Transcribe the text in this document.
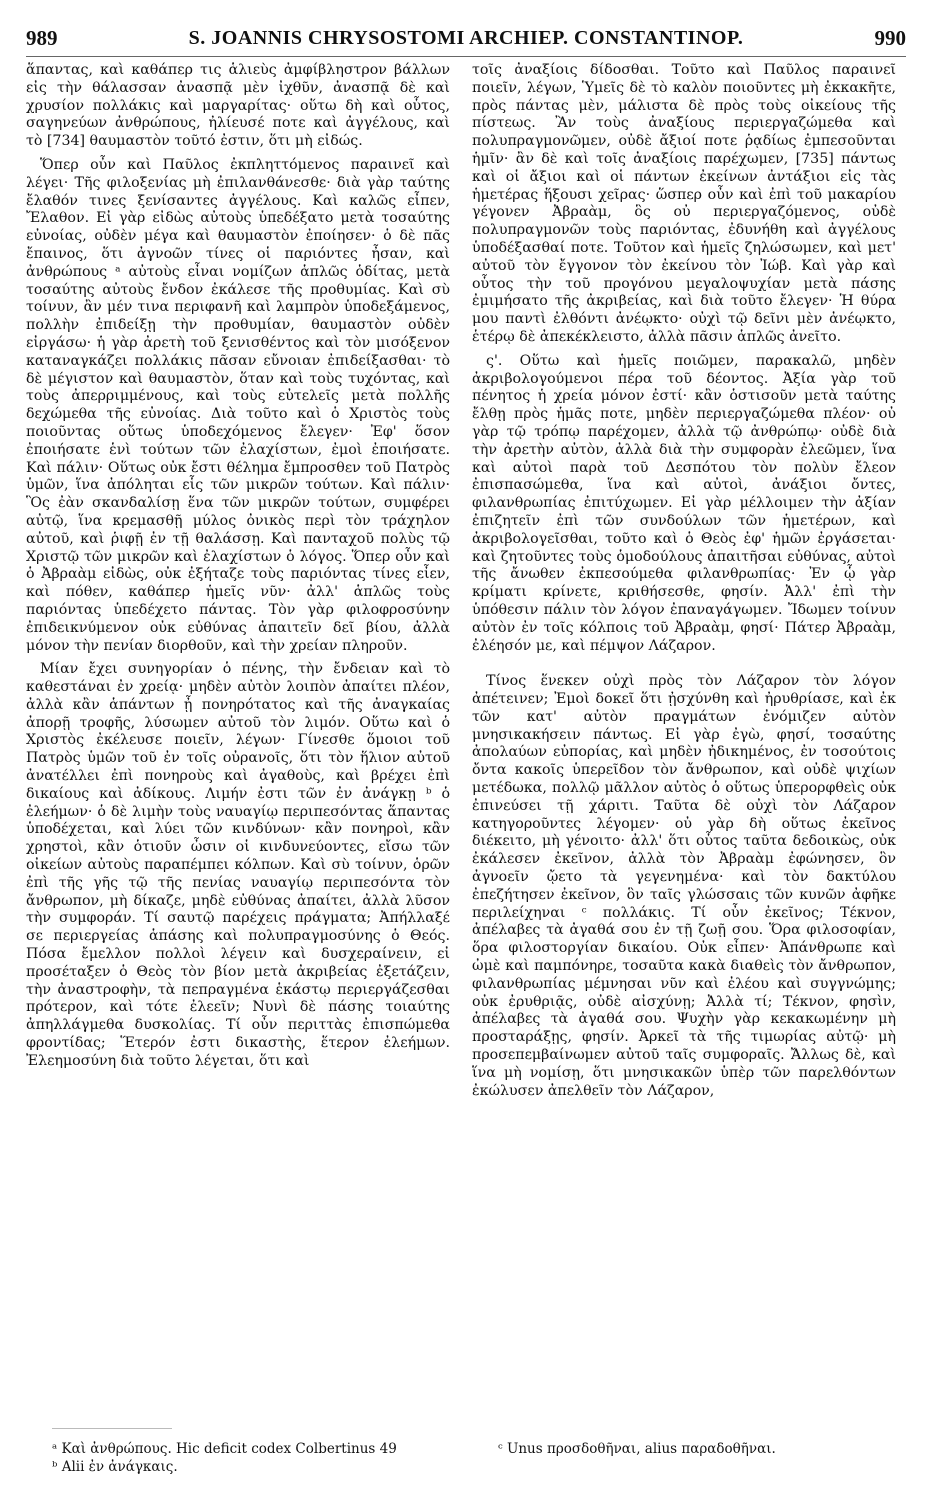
989	S. JOANNIS CHRYSOSTOMI ARCHIEP. CONSTANTINOP.	990

ἅπαντας, καὶ καθάπερ τις ἁλιεὺς ἀμφίβληστρον βάλλων εἰς τὴν θάλασσαν ἀνασπᾷ μὲν ἰχθῦν, ἀνασπᾷ δὲ καὶ χρυσίον πολλάκις καὶ μαργαρίτας· οὕτω δὴ καὶ οὗτος, σαγηνεύων ἀνθρώπους, ἠλίευσέ ποτε καὶ ἀγγέλους, καὶ τὸ [734] θαυμαστὸν τοῦτό ἐστιν, ὅτι μὴ εἰδώς.

Ὅπερ οὖν καὶ Παῦλος ἐκπληττόμενος παραινεῖ καὶ λέγει· Τῆς φιλοξενίας μὴ ἐπιλανθάνεσθε· διὰ γὰρ ταύτης ἔλαθόν τινες ξενίσαντες ἀγγέλους. Καὶ καλῶς εἶπεν, Ἔλαθον. Εἰ γὰρ εἰδὼς αὐτοὺς ὑπεδέξατο μετὰ τοσαύτης εὐνοίας, οὐδὲν μέγα καὶ θαυμαστὸν ἐποίησεν· ὁ δὲ πᾶς ἔπαινος, ὅτι ἀγνοῶν τίνες οἱ παριόντες ἦσαν, καὶ ἀνθρώπους ᵃ αὐτοὺς εἶναι νομίζων ἁπλῶς ὁδίτας, μετὰ τοσαύτης αὐτοὺς ἔνδον ἐκάλεσε τῆς προθυμίας. Καὶ σὺ τοίνυν, ἂν μέν τινα περιφανῆ καὶ λαμπρὸν ὑποδεξάμενος, πολλὴν ἐπιδείξῃ τὴν προθυμίαν, θαυμαστὸν οὐδὲν εἰργάσω· ἡ γὰρ ἀρετὴ τοῦ ξενισθέντος καὶ τὸν μισόξενον καταναγκάζει πολλάκις πᾶσαν εὔνοιαν ἐπιδείξασθαι· τὸ δὲ μέγιστον καὶ θαυμαστὸν, ὅταν καὶ τοὺς τυχόντας, καὶ τοὺς ἀπερριμμένους, καὶ τοὺς εὐτελεῖς μετὰ πολλῆς δεχώμεθα τῆς εὐνοίας. Διὰ τοῦτο καὶ ὁ Χριστὸς τοὺς ποιοῦντας οὕτως ὑποδεχόμενος ἔλεγεν· Ἐφ' ὅσον ἐποιήσατε ἑνὶ τούτων τῶν ἐλαχίστων, ἐμοὶ ἐποιήσατε. Καὶ πάλιν· Οὕτως οὐκ ἔστι θέλημα ἔμπροσθεν τοῦ Πατρὸς ὑμῶν, ἵνα ἀπόληται εἷς τῶν μικρῶν τούτων. Καὶ πάλιν· Ὃς ἐὰν σκανδαλίσῃ ἕνα τῶν μικρῶν τούτων, συμφέρει αὐτῷ, ἵνα κρεμασθῇ μύλος ὀνικὸς περὶ τὸν τράχηλον αὐτοῦ, καὶ ῥιφῇ ἐν τῇ θαλάσσῃ. Καὶ πανταχοῦ πολὺς τῷ Χριστῷ τῶν μικρῶν καὶ ἐλαχίστων ὁ λόγος. Ὅπερ οὖν καὶ ὁ Ἀβραὰμ εἰδὼς, οὐκ ἐξήταζε τοὺς παριόντας τίνες εἶεν, καὶ πόθεν, καθάπερ ἡμεῖς νῦν· ἀλλ' ἁπλῶς τοὺς παριόντας ὑπεδέχετο πάντας. Τὸν γὰρ φιλοφροσύνην ἐπιδεικνύμενον οὐκ εὐθύνας ἀπαιτεῖν δεῖ βίου, ἀλλὰ μόνον τὴν πενίαν διορθοῦν, καὶ τὴν χρείαν πληροῦν.

Μίαν ἔχει συνηγορίαν ὁ πένης, τὴν ἔνδειαν καὶ τὸ καθεστάναι ἐν χρείᾳ· μηδὲν αὐτὸν λοιπὸν ἀπαίτει πλέον, ἀλλὰ κἂν ἁπάντων ᾖ πονηρότατος καὶ τῆς ἀναγκαίας ἀπορῇ τροφῆς, λύσωμεν αὐτοῦ τὸν λιμόν. Οὕτω καὶ ὁ Χριστὸς ἐκέλευσε ποιεῖν, λέγων· Γίνεσθε ὅμοιοι τοῦ Πατρὸς ὑμῶν τοῦ ἐν τοῖς οὐρανοῖς, ὅτι τὸν ἥλιον αὐτοῦ ἀνατέλλει ἐπὶ πονηροὺς καὶ ἀγαθοὺς, καὶ βρέχει ἐπὶ δικαίους καὶ ἀδίκους. Λιμήν ἐστι τῶν ἐν ἀνάγκῃ ᵇ ὁ ἐλεήμων· ὁ δὲ λιμὴν τοὺς ναυαγίῳ περιπεσόντας ἅπαντας ὑποδέχεται, καὶ λύει τῶν κινδύνων· κἂν πονηροὶ, κἂν χρηστοὶ, κἂν ὁτιοῦν ὦσιν οἱ κινδυνεύοντες, εἴσω τῶν οἰκείων αὐτοὺς παραπέμπει κόλπων. Καὶ σὺ τοίνυν, ὁρῶν ἐπὶ τῆς γῆς τῷ τῆς πενίας ναυαγίῳ περιπεσόντα τὸν ἄνθρωπον, μὴ δίκαζε, μηδὲ εὐθύνας ἀπαίτει, ἀλλὰ λῦσον τὴν συμφοράν. Τί σαυτῷ παρέχεις πράγματα; Ἀπήλλαξέ σε περιεργείας ἁπάσης καὶ πολυπραγμοσύνης ὁ Θεός. Πόσα ἔμελλον πολλοὶ λέγειν καὶ δυσχεραίνειν, εἰ προσέταξεν ὁ Θεὸς τὸν βίον μετὰ ἀκριβείας ἐξετάζειν, τὴν ἀναστροφὴν, τὰ πεπραγμένα ἑκάστῳ περιεργάζεσθαι πρότερον, καὶ τότε ἐλεεῖν; Νυνὶ δὲ πάσης τοιαύτης ἀπηλλάγμεθα δυσκολίας. Τί οὖν περιττὰς ἐπισπώμεθα φροντίδας; Ἕτερόν ἐστι δικαστὴς, ἕτερον ἐλεήμων. Ἐλεημοσύνη διὰ τοῦτο λέγεται, ὅτι καὶ

τοῖς ἀναξίοις δίδοσθαι. Τοῦτο καὶ Παῦλος παραινεῖ ποιεῖν, λέγων, Ὑμεῖς δὲ τὸ καλὸν ποιοῦντες μὴ ἐκκακῆτε, πρὸς πάντας μὲν, μάλιστα δὲ πρὸς τοὺς οἰκείους τῆς πίστεως. Ἂν τοὺς ἀναξίους περιεργαζώμεθα καὶ πολυπραγμονῶμεν, οὐδὲ ἄξιοί ποτε ῥᾳδίως ἐμπεσοῦνται ἡμῖν· ἂν δὲ καὶ τοῖς ἀναξίοις παρέχωμεν, [735] πάντως καὶ οἱ ἄξιοι καὶ οἱ πάντων ἐκείνων ἀντάξιοι εἰς τὰς ἡμετέρας ἥξουσι χεῖρας· ὥσπερ οὖν καὶ ἐπὶ τοῦ μακαρίου γέγονεν Ἀβραὰμ, ὃς οὐ περιεργαζόμενος, οὐδὲ πολυπραγμονῶν τοὺς παριόντας, ἐδυνήθη καὶ ἀγγέλους ὑποδέξασθαί ποτε. Τοῦτον καὶ ἡμεῖς ζηλώσωμεν, καὶ μετ' αὐτοῦ τὸν ἔγγονον τὸν ἐκείνου τὸν Ἰώβ. Καὶ γὰρ καὶ οὗτος τὴν τοῦ προγόνου μεγαλοψυχίαν μετὰ πάσης ἐμιμήσατο τῆς ἀκριβείας, καὶ διὰ τοῦτο ἔλεγεν· Ἡ θύρα μου παντὶ ἐλθόντι ἀνέῳκτο· οὐχὶ τῷ δεῖνι μὲν ἀνέῳκτο, ἑτέρῳ δὲ ἀπεκέκλειστο, ἀλλὰ πᾶσιν ἁπλῶς ἀνεῖτο.

ς'. Οὕτω καὶ ἡμεῖς ποιῶμεν, παρακαλῶ, μηδὲν ἀκριβολογούμενοι πέρα τοῦ δέοντος. Ἀξία γὰρ τοῦ πένητος ἡ χρεία μόνον ἐστί· κἂν ὁστισοῦν μετὰ ταύτης ἔλθῃ πρὸς ἡμᾶς ποτε, μηδὲν περιεργαζώμεθα πλέον· οὐ γὰρ τῷ τρόπῳ παρέχομεν, ἀλλὰ τῷ ἀνθρώπῳ· οὐδὲ διὰ τὴν ἀρετὴν αὐτὸν, ἀλλὰ διὰ τὴν συμφορὰν ἐλεῶμεν, ἵνα καὶ αὐτοὶ παρὰ τοῦ Δεσπότου τὸν πολὺν ἔλεον ἐπισπασώμεθα, ἵνα καὶ αὐτοὶ, ἀνάξιοι ὄντες, φιλανθρωπίας ἐπιτύχωμεν. Εἰ γὰρ μέλλοιμεν τὴν ἀξίαν ἐπιζητεῖν ἐπὶ τῶν συνδούλων τῶν ἡμετέρων, καὶ ἀκριβολογεῖσθαι, τοῦτο καὶ ὁ Θεὸς ἐφ' ἡμῶν ἐργάσεται· καὶ ζητοῦντες τοὺς ὁμοδούλους ἀπαιτῆσαι εὐθύνας, αὐτοὶ τῆς ἄνωθεν ἐκπεσούμεθα φιλανθρωπίας· Ἐν ᾧ γὰρ κρίματι κρίνετε, κριθήσεσθε, φησίν. Ἀλλ' ἐπὶ τὴν ὑπόθεσιν πάλιν τὸν λόγον ἐπαναγάγωμεν. Ἴδωμεν τοίνυν αὐτὸν ἐν τοῖς κόλποις τοῦ Ἀβραὰμ, φησί· Πάτερ Ἀβραὰμ, ἐλέησόν με, καὶ πέμψον Λάζαρον.

Τίνος ἕνεκεν οὐχὶ πρὸς τὸν Λάζαρον τὸν λόγον ἀπέτεινεν; Ἐμοὶ δοκεῖ ὅτι ᾐσχύνθη καὶ ἠρυθρίασε, καὶ ἐκ τῶν κατ' αὐτὸν πραγμάτων ἐνόμιζεν αὐτὸν μνησικακήσειν πάντως. Εἰ γὰρ ἐγὼ, φησί, τοσαύτης ἀπολαύων εὐπορίας, καὶ μηδὲν ἠδικημένος, ἐν τοσούτοις ὄντα κακοῖς ὑπερεῖδον τὸν ἄνθρωπον, καὶ οὐδὲ ψιχίων μετέδωκα, πολλῷ μᾶλλον αὐτὸς ὁ οὕτως ὑπερορφθεὶς οὐκ ἐπινεύσει τῇ χάριτι. Ταῦτα δὲ οὐχὶ τὸν Λάζαρον κατηγοροῦντες λέγομεν· οὐ γὰρ δὴ οὕτως ἐκεῖνος διέκειτο, μὴ γένοιτο· ἀλλ' ὅτι οὗτος ταῦτα δεδοικὼς, οὐκ ἐκάλεσεν ἐκεῖνον, ἀλλὰ τὸν Ἀβραὰμ ἐφώνησεν, ὃν ἀγνοεῖν ᾤετο τὰ γεγενημένα· καὶ τὸν δακτύλου ἐπεζήτησεν ἐκεῖνον, ὃν ταῖς γλώσσαις τῶν κυνῶν ἀφῆκε περιλείχηναι ᶜ πολλάκις. Τί οὖν ἐκεῖνος; Τέκνον, ἀπέλαβες τὰ ἀγαθά σου ἐν τῇ ζωῇ σου. Ὅρα φιλοσοφίαν, ὅρα φιλοστοργίαν δικαίου. Οὐκ εἶπεν· Ἀπάνθρωπε καὶ ὠμὲ καὶ παμπόνηρε, τοσαῦτα κακὰ διαθεὶς τὸν ἄνθρωπον, φιλανθρωπίας μέμνησαι νῦν καὶ ἐλέου καὶ συγγνώμης; οὐκ ἐρυθριᾷς, οὐδὲ αἰσχύνῃ; Ἀλλὰ τί; Τέκνον, φησὶν, ἀπέλαβες τὰ ἀγαθά σου. Ψυχὴν γὰρ κεκακωμένην μὴ προσταράξῃς, φησίν. Ἀρκεῖ τὰ τῆς τιμωρίας αὐτῷ· μὴ προσεπεμβαίνωμεν αὐτοῦ ταῖς συμφοραῖς. Ἄλλως δὲ, καὶ ἵνα μὴ νομίσῃ, ὅτι μνησικακῶν ὑπὲρ τῶν παρελθόντων ἐκώλυσεν ἀπελθεῖν τὸν Λάζαρον,

ᵃ Καὶ ἀνθρώπους. Hic deficit codex Colbertinus 49
ᵇ Alii ἐν ἀνάγκαις.
ᶜ Unus προσδοθῆναι, alius παραδοθῆναι.
